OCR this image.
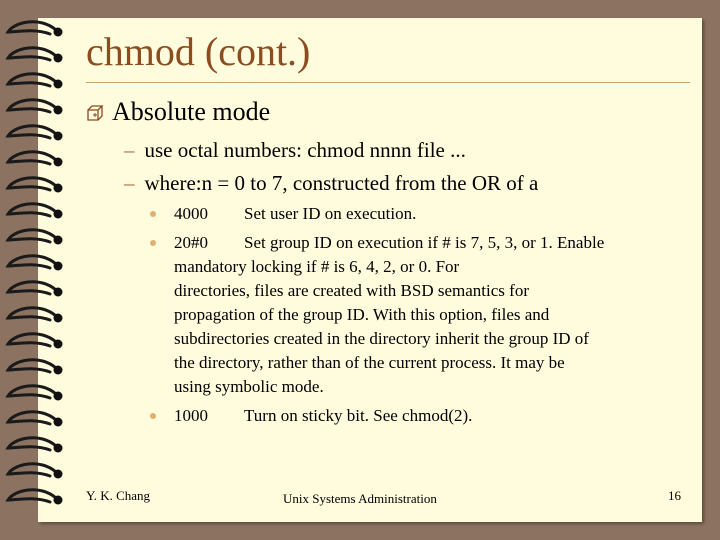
chmod (cont.)
Absolute mode
– use octal numbers: chmod nnnn file ...
– where:n = 0 to 7, constructed from the OR of a
4000 Set user ID on execution.
20#0 Set group ID on execution if # is 7, 5, 3, or 1. Enable
mandatory locking if # is 6, 4, 2, or 0. For
directories, files are created with BSD semantics for
propagation of the group ID. With this option, files and
subdirectories created in the directory inherit the group ID of
the directory, rather than of the current process. It may be
using symbolic mode.
1000 Turn on sticky bit. See chmod(2).
Y. K. Chang	Unix Systems Administration	16
